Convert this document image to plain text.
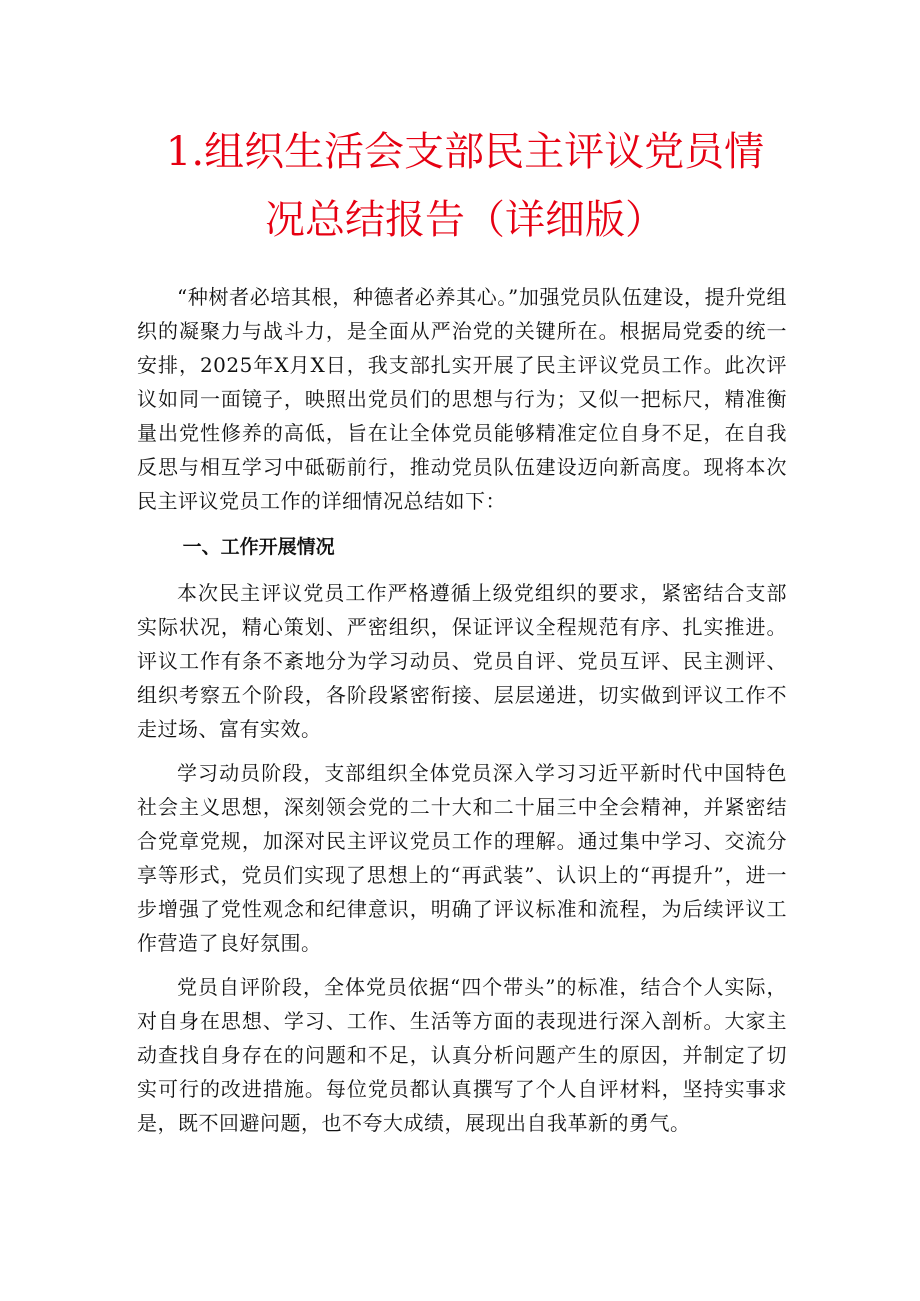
1.组织生活会支部民主评议党员情
况总结报告（详细版）

“种树者必培其根，种德者必养其心。”加强党员队伍建设，提升党组织的凝聚力与战斗力，是全面从严治党的关键所在。根据局党委的统一安排，2025年X月X日，我支部扎实开展了民主评议党员工作。此次评议如同一面镜子，映照出党员们的思想与行为；又似一把标尺，精准衡量出党性修养的高低，旨在让全体党员能够精准定位自身不足，在自我反思与相互学习中砥砺前行，推动党员队伍建设迈向新高度。现将本次民主评议党员工作的详细情况总结如下：

一、工作开展情况

本次民主评议党员工作严格遵循上级党组织的要求，紧密结合支部实际状况，精心策划、严密组织，保证评议全程规范有序、扎实推进。评议工作有条不紊地分为学习动员、党员自评、党员互评、民主测评、组织考察五个阶段，各阶段紧密衔接、层层递进，切实做到评议工作不走过场、富有实效。

学习动员阶段，支部组织全体党员深入学习习近平新时代中国特色社会主义思想，深刻领会党的二十大和二十届三中全会精神，并紧密结合党章党规，加深对民主评议党员工作的理解。通过集中学习、交流分享等形式，党员们实现了思想上的“再武装”、认识上的“再提升”，进一步增强了党性观念和纪律意识，明确了评议标准和流程，为后续评议工作营造了良好氛围。

党员自评阶段，全体党员依据“四个带头”的标准，结合个人实际，对自身在思想、学习、工作、生活等方面的表现进行深入剖析。大家主动查找自身存在的问题和不足，认真分析问题产生的原因，并制定了切实可行的改进措施。每位党员都认真撰写了个人自评材料，坚持实事求是，既不回避问题，也不夸大成绩，展现出自我革新的勇气。
